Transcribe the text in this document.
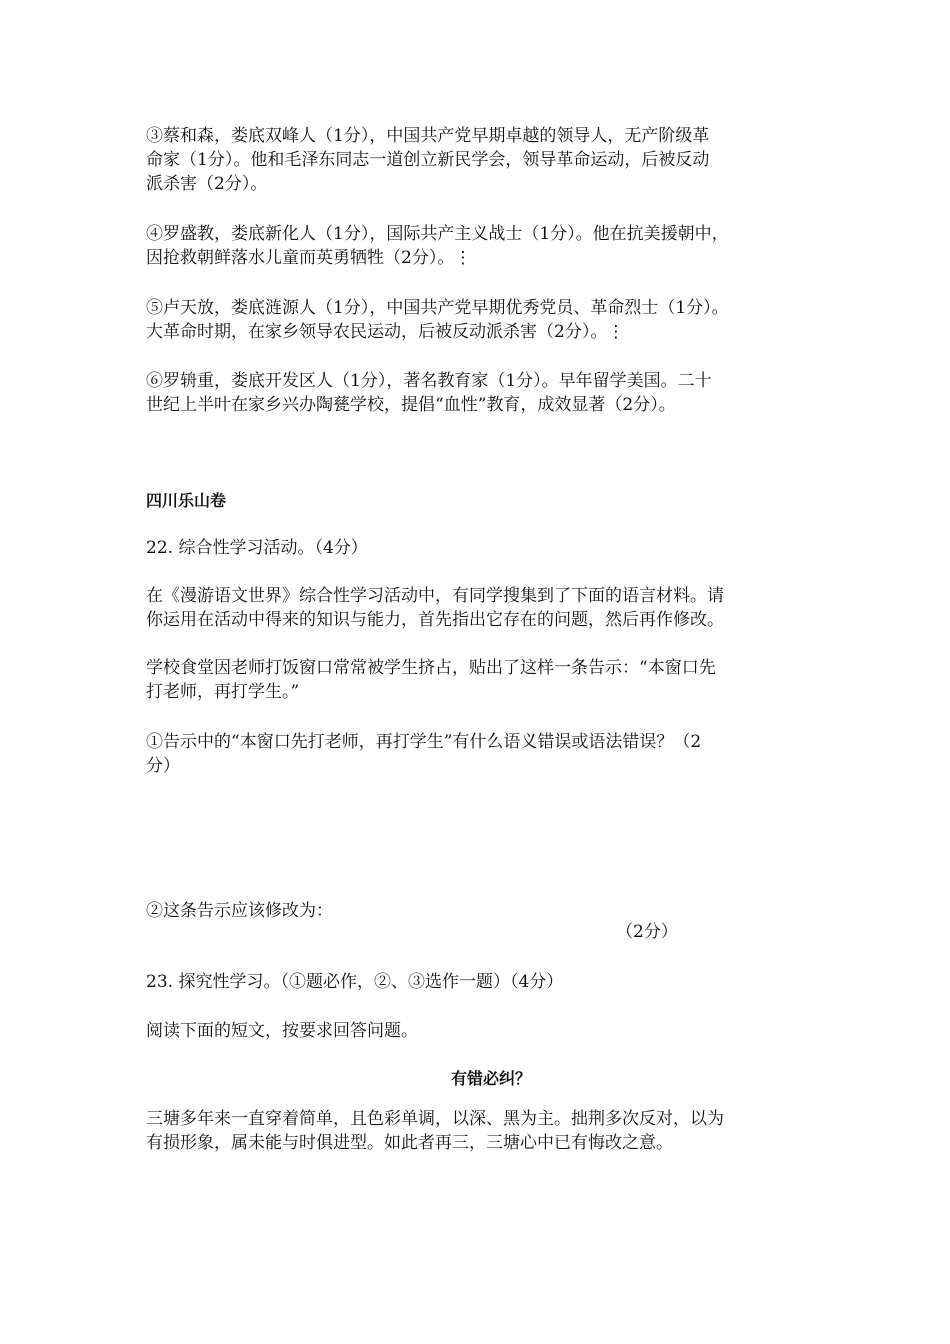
③蔡和森，娄底双峰人（1分），中国共产党早期卓越的领导人，无产阶级革

命家（1分）。他和毛泽东同志一道创立新民学会，领导革命运动，后被反动

派杀害（2分）。

④罗盛教，娄底新化人（1分），国际共产主义战士（1分）。他在抗美援朝中，

因抢救朝鲜落水儿童而英勇牺牲（2分）。⋮

⑤卢天放，娄底涟源人（1分），中国共产党早期优秀党员、革命烈士（1分）。

大革命时期，在家乡领导农民运动，后被反动派杀害（2分）。⋮

⑥罗辀重，娄底开发区人（1分），著名教育家（1分）。早年留学美国。二十

世纪上半叶在家乡兴办陶甆学校，提倡“血性”教育，成效显著（2分）。

四川乐山卷

22. 综合性学习活动。（4分）

在《漫游语文世界》综合性学习活动中，有同学搜集到了下面的语言材料。请

你运用在活动中得来的知识与能力，首先指出它存在的问题，然后再作修改。

学校食堂因老师打饭窗口常常被学生挤占，贴出了这样一条告示：“本窗口先

打老师，再打学生。”

①告示中的“本窗口先打老师，再打学生”有什么语义错误或语法错误？（2

分）

②这条告示应该修改为：

（2分）

23. 探究性学习。（①题必作，②、③选作一题）（4分）

阅读下面的短文，按要求回答问题。

有错必纠？

三塘多年来一直穿着简单，且色彩单调，以深、黑为主。拙荆多次反对，以为

有损形象，属未能与时俱进型。如此者再三，三塘心中已有悔改之意。
